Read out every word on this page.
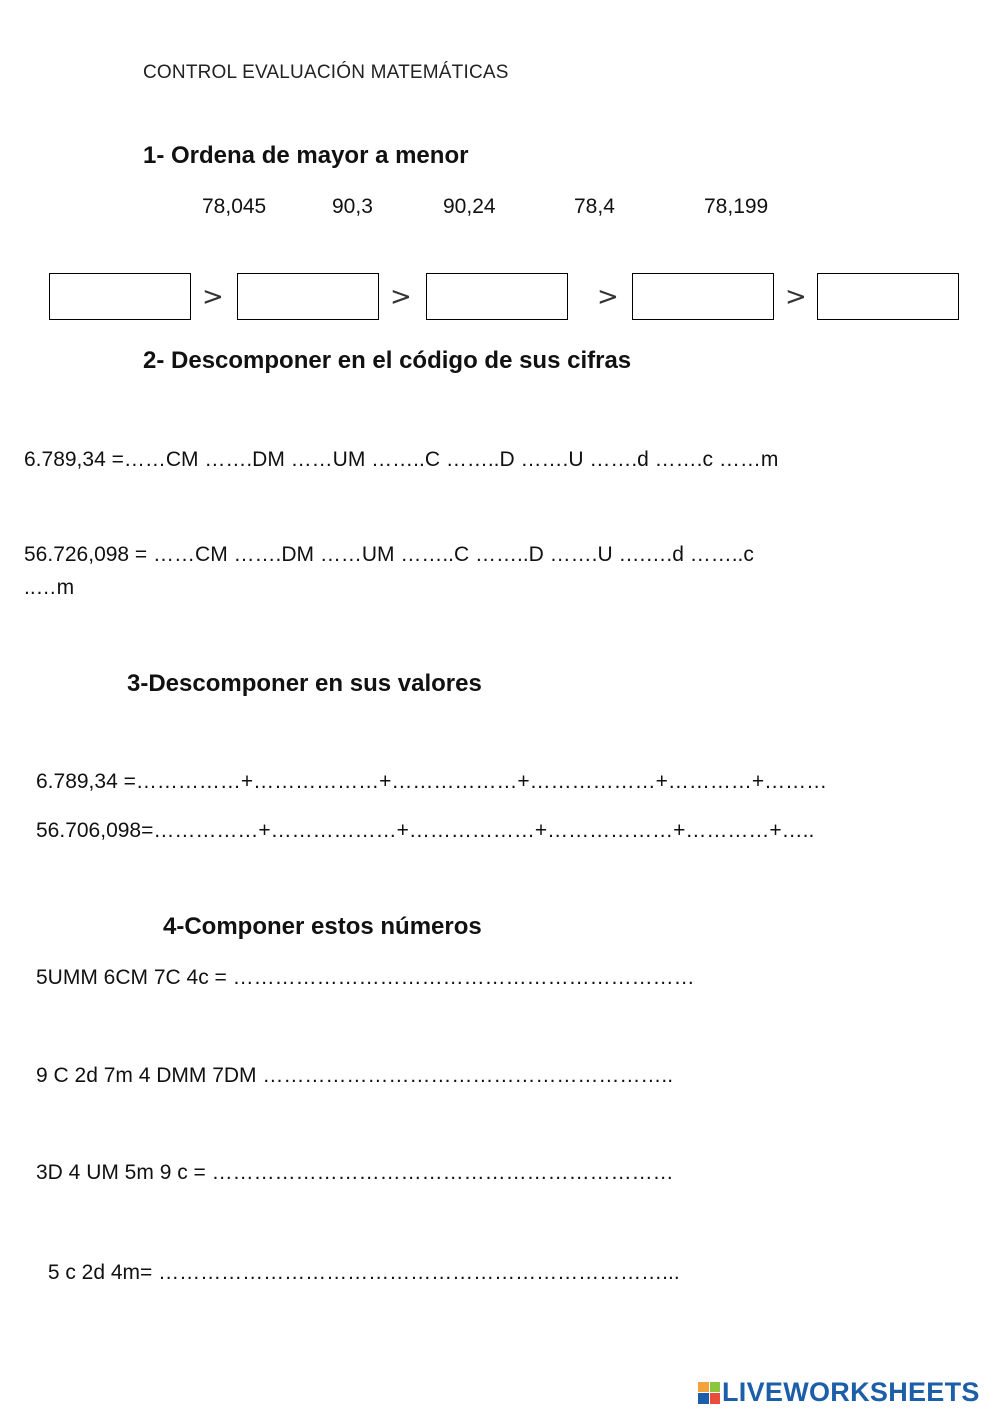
CONTROL EVALUACIÓN MATEMÁTICAS
1- Ordena de mayor a menor
78,045	90,3	90,24	78,4	78,199
>	>	>	>
2- Descomponer en el código de sus cifras
6.789,34 =……CM …….DM ……UM ……..C ……..D …….U …….d …….c ……m
56.726,098 = ……CM …….DM ……UM ……..C ……..D …….U ….….d ……..c
..…m
3-Descomponer en sus valores
6.789,34 =……………+………………+………………+………………+…………+………
56.706,098=……………+………………+………………+………………+…………+…..
4-Componer estos números
5UMM 6CM 7C 4c = …………………………………………………………
9 C 2d 7m 4 DMM 7DM …………………………………………………..
3D 4 UM 5m 9 c = …………………………………………………………
5 c 2d 4m= ………………………………………………………………...
LIVEWORKSHEETS
